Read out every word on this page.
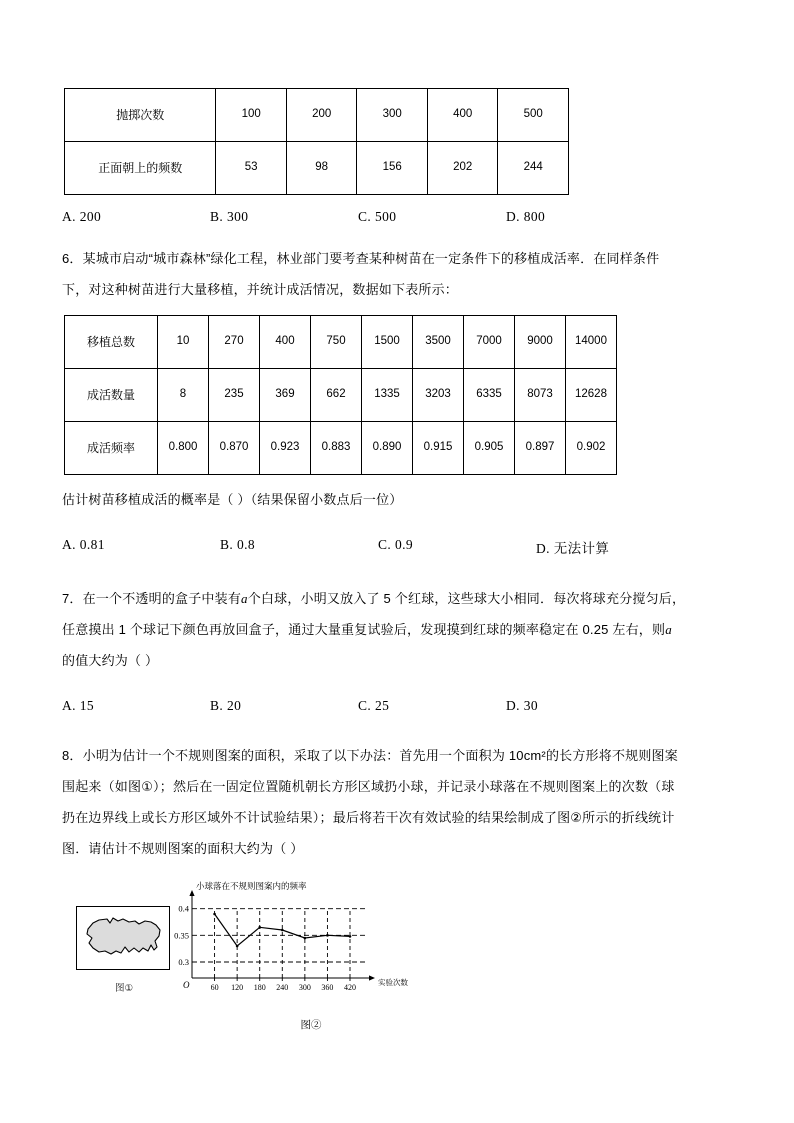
抛掷次数	100	200	300	400	500
正面朝上的频数	53	98	156	202	244
A. 200	B. 300	C. 500	D. 800
6．某城市启动“城市森林”绿化工程，林业部门要考查某种树苗在一定条件下的移植成活率．在同样条件
下，对这种树苗进行大量移植，并统计成活情况，数据如下表所示：
移植总数	10	270	400	750	1500	3500	7000	9000	14000
成活数量	8	235	369	662	1335	3203	6335	8073	12628
成活频率	0.800	0.870	0.923	0.883	0.890	0.915	0.905	0.897	0.902
估计树苗移植成活的概率是（ ）（结果保留小数点后一位）
A. 0.81	B. 0.8	C. 0.9	D. 无法计算
7．在一个不透明的盒子中装有a个白球，小明又放入了 5 个红球，这些球大小相同．每次将球充分搅匀后，
任意摸出 1 个球记下颜色再放回盒子，通过大量重复试验后，发现摸到红球的频率稳定在 0.25 左右，则a
的值大约为（ ）
A. 15	B. 20	C. 25	D. 30
8．小明为估计一个不规则图案的面积，采取了以下办法：首先用一个面积为 10cm²的长方形将不规则图案
围起来（如图①）；然后在一固定位置随机朝长方形区域扔小球，并记录小球落在不规则图案上的次数（球
扔在边界线上或长方形区域外不计试验结果）；最后将若干次有效试验的结果绘制成了图②所示的折线统计
图．请估计不规则图案的面积大约为（ ）
图①
小球落在不规则图案内的频率
O	实验次数
0.3
0.35
0.4
60 120 180 240 300 360 420
图②
